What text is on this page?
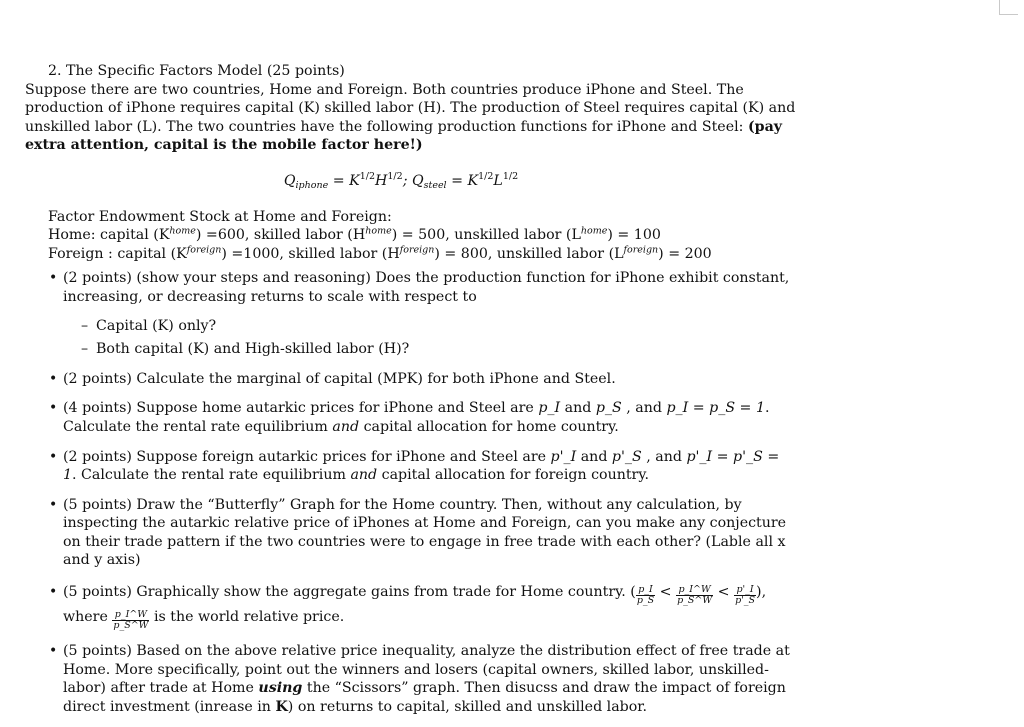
2. The Specific Factors Model (25 points)

Suppose there are two countries, Home and Foreign. Both countries produce iPhone and Steel. The production of iPhone requires capital (K) skilled labor (H). The production of Steel requires capital (K) and unskilled labor (L). The two countries have the following production functions for iPhone and Steel: (pay extra attention, capital is the mobile factor here!)

$Q_{iphone} = K^{1/2}H^{1/2}$; $Q_{steel} = K^{1/2}L^{1/2}$
Factor Endowment Stock at Home and Foreign:
Home: capital $(K^{home}) =600$, skilled labor $(H^{home}) = 500$, unskilled labor $(L^{home}) = 100$
Foreign : capital $(K^{foreign}) =1000$, skilled labor $(H^{foreign}) = 800$, unskilled labor $(L^{foreign}) = 200$
• (2 points) (show your steps and reasoning) Does the production function for iPhone exhibit constant, increasing, or decreasing returns to scale with respect to
– Capital (K) only?
– Both capital (K) and High-skilled labor (H)?
• (2 points) Calculate the marginal of capital (MPK) for both iPhone and Steel.
• (4 points) Suppose home autarkic prices for iPhone and Steel are p_I and p_S , and p_I = p_S = 1. Calculate the rental rate equilibrium and capital allocation for home country.
• (2 points) Suppose foreign autarkic prices for iPhone and Steel are p'_I and p'_S , and p'_I = p'_S = 1. Calculate the rental rate equilibrium and capital allocation for foreign country.
• (5 points) Draw the “Butterfly” Graph for the Home country. Then, without any calculation, by inspecting the autarkic relative price of iPhones at Home and Foreign, can you make any conjecture on their trade pattern if the two countries were to engage in free trade with each other? (Lable all x and y axis)
• (5 points) Graphically show the aggregate gains from trade for Home country. ( $\frac{p\_I}{p\_S} < \frac{p\_I\^{}W}{p\_S\^{}W} < \frac{p'\_I}{p'\_S}$ ), where $\frac{p\_I\^{}W}{p\_S\^{}W}$ is the world relative price.
• (5 points) Based on the above relative price inequality, analyze the distribution effect of free trade at Home. More specifically, point out the winners and losers (capital owners, skilled labor, unskilled-labor) after trade at Home using the “Scissors” graph. Then disucss and draw the impact of foreign direct investment (inrease in K) on returns to capital, skilled and unskilled labor.
